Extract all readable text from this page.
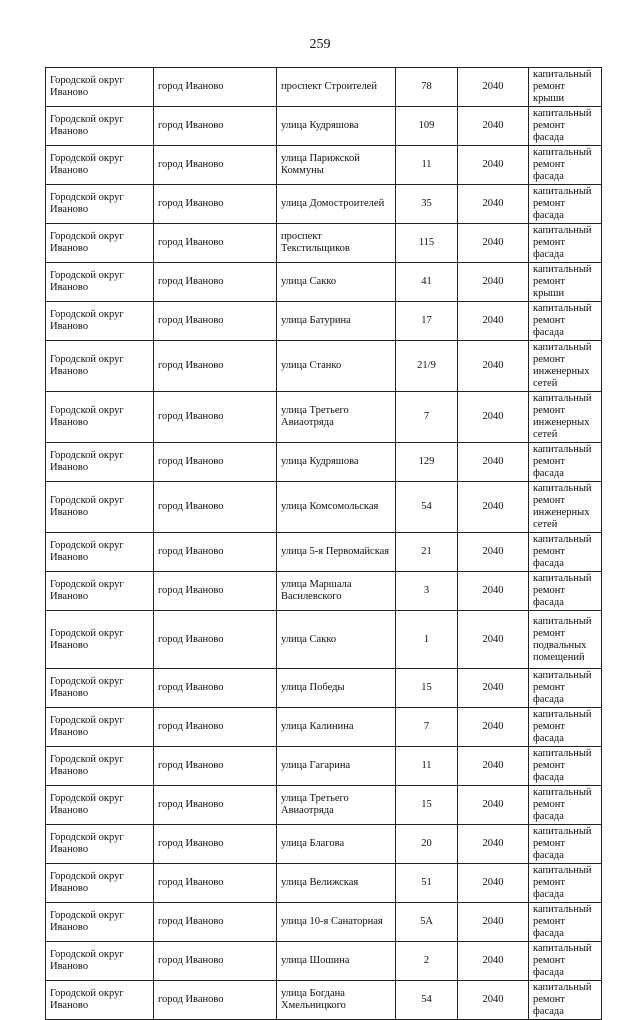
259
Городской округ Иваново	город Иваново	проспект Строителей	78	2040	капитальный ремонт крыши
Городской округ Иваново	город Иваново	улица Кудряшова	109	2040	капитальный ремонт фасада
Городской округ Иваново	город Иваново	улица Парижской Коммуны	11	2040	капитальный ремонт фасада
Городской округ Иваново	город Иваново	улица Домостроителей	35	2040	капитальный ремонт фасада
Городской округ Иваново	город Иваново	проспект Текстильщиков	115	2040	капитальный ремонт фасада
Городской округ Иваново	город Иваново	улица Сакко	41	2040	капитальный ремонт крыши
Городской округ Иваново	город Иваново	улица Батурина	17	2040	капитальный ремонт фасада
Городской округ Иваново	город Иваново	улица Станко	21/9	2040	капитальный ремонт инженерных сетей
Городской округ Иваново	город Иваново	улица Третьего Авиаотряда	7	2040	капитальный ремонт инженерных сетей
Городской округ Иваново	город Иваново	улица Кудряшова	129	2040	капитальный ремонт фасада
Городской округ Иваново	город Иваново	улица Комсомольская	54	2040	капитальный ремонт инженерных сетей
Городской округ Иваново	город Иваново	улица 5-я Первомайская	21	2040	капитальный ремонт фасада
Городской округ Иваново	город Иваново	улица Маршала Василевского	3	2040	капитальный ремонт фасада
Городской округ Иваново	город Иваново	улица Сакко	1	2040	капитальный ремонт подвальных помещений
Городской округ Иваново	город Иваново	улица Победы	15	2040	капитальный ремонт фасада
Городской округ Иваново	город Иваново	улица Калинина	7	2040	капитальный ремонт фасада
Городской округ Иваново	город Иваново	улица Гагарина	11	2040	капитальный ремонт фасада
Городской округ Иваново	город Иваново	улица Третьего Авиаотряда	15	2040	капитальный ремонт фасада
Городской округ Иваново	город Иваново	улица Благова	20	2040	капитальный ремонт фасада
Городской округ Иваново	город Иваново	улица Велижская	51	2040	капитальный ремонт фасада
Городской округ Иваново	город Иваново	улица 10-я Санаторная	5А	2040	капитальный ремонт фасада
Городской округ Иваново	город Иваново	улица Шошина	2	2040	капитальный ремонт фасада
Городской округ Иваново	город Иваново	улица Богдана Хмельницкого	54	2040	капитальный ремонт фасада
